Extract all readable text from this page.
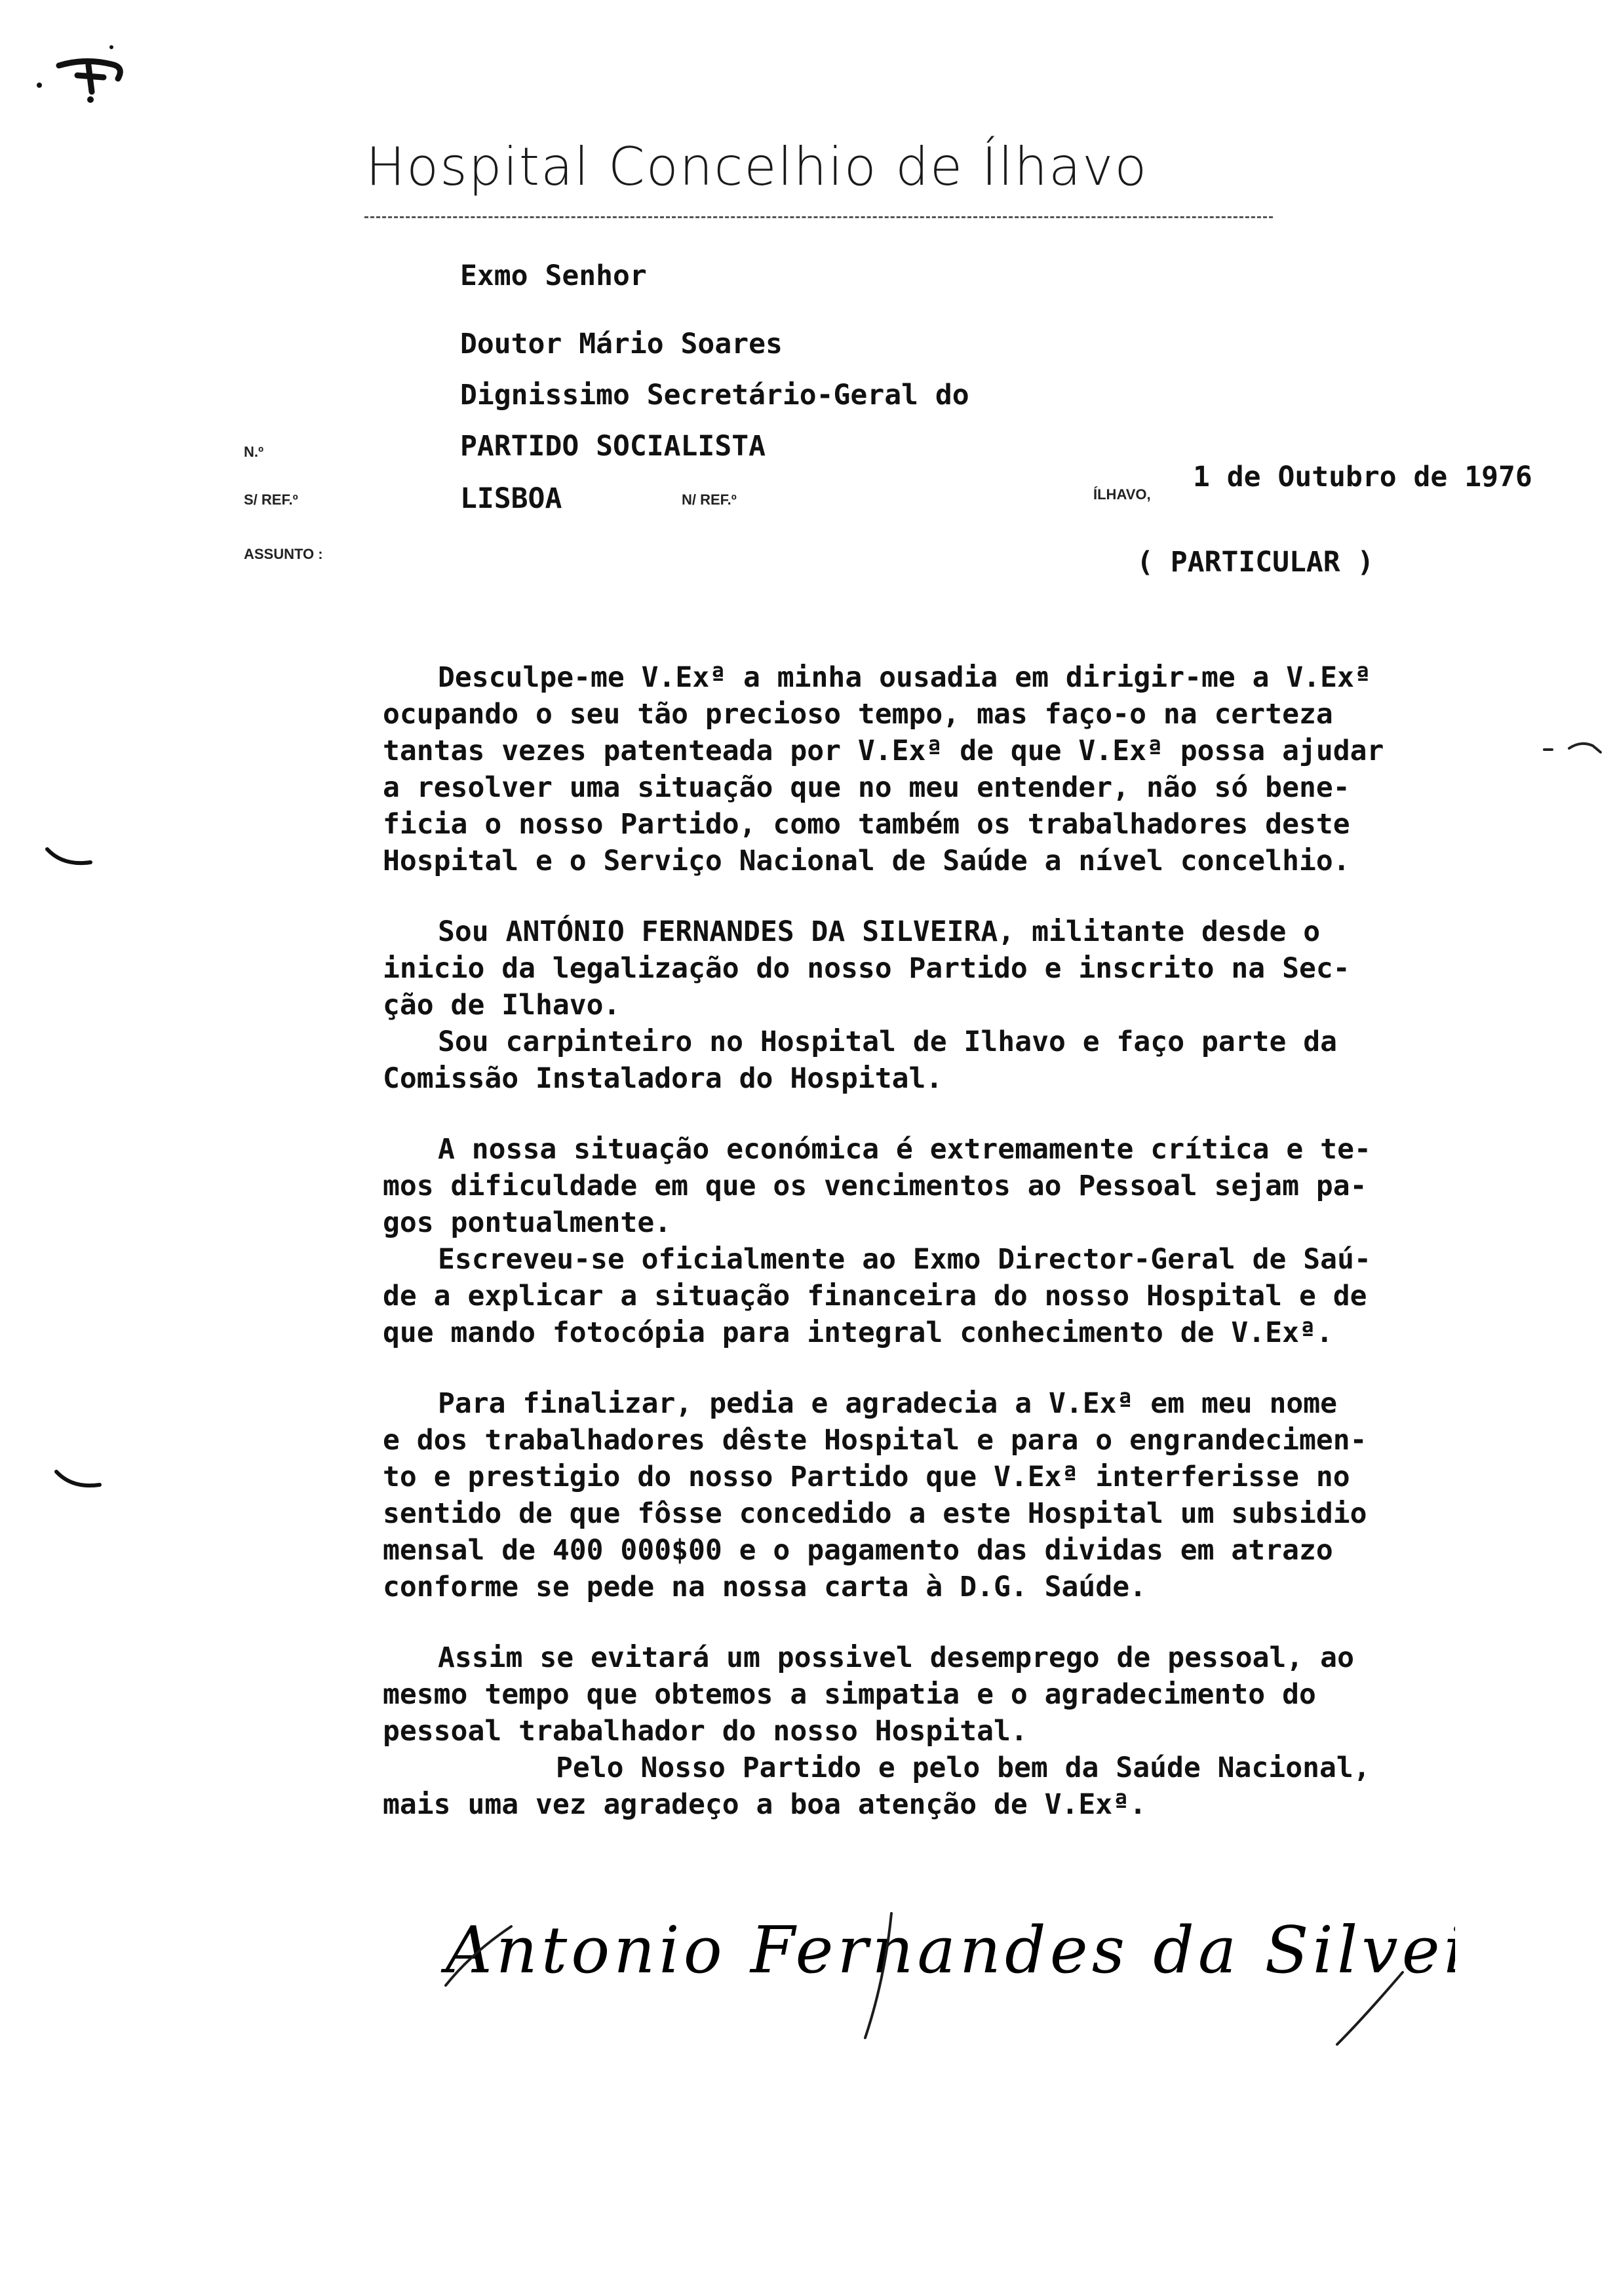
Hospital Concelhio de Ílhavo
N.º
S/ REF.º	N/ REF.º
ASSUNTO :
ÍLHAVO,
Exmo Senhor
Doutor Mário Soares
Dignissimo Secretário-Geral do
PARTIDO SOCIALISTA
LISBOA
1 de Outubro de 1976
( PARTICULAR )
Desculpe-me V.Exª a minha ousadia em dirigir-me a V.Exª
ocupando o seu tão precioso tempo, mas faço-o na certeza
tantas vezes patenteada por V.Exª de que V.Exª possa ajudar
a resolver uma situação que no meu entender, não só bene-
ficia o nosso Partido, como também os trabalhadores deste
Hospital e o Serviço Nacional de Saúde a nível concelhio.
Sou ANTÓNIO FERNANDES DA SILVEIRA, militante desde o
inicio da legalização do nosso Partido e inscrito na Sec-
ção de Ilhavo.
Sou carpinteiro no Hospital de Ilhavo e faço parte da
Comissão Instaladora do Hospital.
A nossa situação económica é extremamente crítica e te-
mos dificuldade em que os vencimentos ao Pessoal sejam pa-
gos pontualmente.
Escreveu-se oficialmente ao Exmo Director-Geral de Saú-
de a explicar a situação financeira do nosso Hospital e de
que mando fotocópia para integral conhecimento de V.Exª.
Para finalizar, pedia e agradecia a V.Exª em meu nome
e dos trabalhadores dêste Hospital e para o engrandecimen-
to e prestigio do nosso Partido que V.Exª interferisse no
sentido de que fôsse concedido a este Hospital um subsidio
mensal de 400 000$00 e o pagamento das dividas em atrazo
conforme se pede na nossa carta à D.G. Saúde.
Assim se evitará um possivel desemprego de pessoal, ao
mesmo tempo que obtemos a simpatia e o agradecimento do
pessoal trabalhador do nosso Hospital.
Pelo Nosso Partido e pelo bem da Saúde Nacional,
mais uma vez agradeço a boa atenção de V.Exª.
Antonio Fernandes da Silveira
